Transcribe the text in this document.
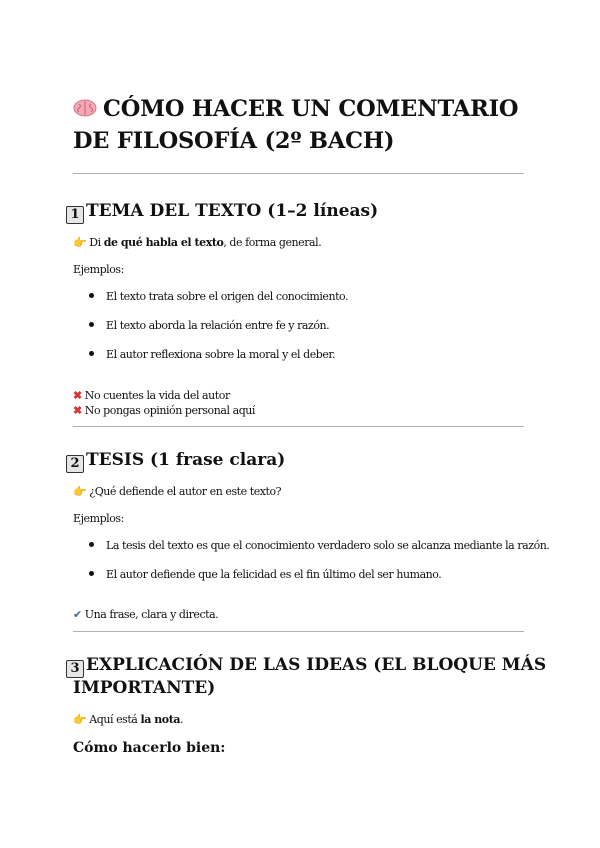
CÓMO HACER UN COMENTARIO
DE FILOSOFÍA (2º BACH)
1 TEMA DEL TEXTO (1–2 líneas)
👉 Di de qué habla el texto, de forma general.
Ejemplos:
El texto trata sobre el origen del conocimiento.
El texto aborda la relación entre fe y razón.
El autor reflexiona sobre la moral y el deber.
✖ No cuentes la vida del autor
✖ No pongas opinión personal aquí
2 TESIS (1 frase clara)
👉 ¿Qué defiende el autor en este texto?
Ejemplos:
La tesis del texto es que el conocimiento verdadero solo se alcanza mediante la razón.
El autor defiende que la felicidad es el fin último del ser humano.
✔ Una frase, clara y directa.
3 EXPLICACIÓN DE LAS IDEAS (EL BLOQUE MÁS
IMPORTANTE)
👉 Aquí está la nota.
Cómo hacerlo bien:
